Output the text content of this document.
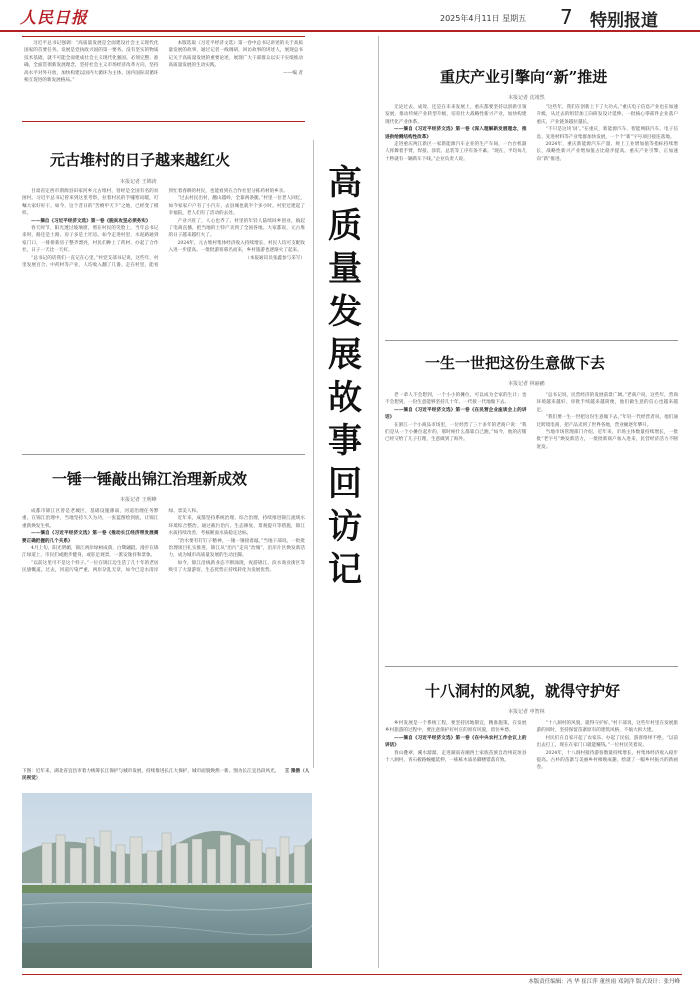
人民日报	2025年4月11日 星期五 7 特别报道
习近平总书记强调：“高质量发展是全面建设社会主义现代化国家的首要任务。发展是党执政兴国的第一要务。没有坚实的物质技术基础，就不可能全面建成社会主义现代化强国。必须完整、准确、全面贯彻新发展理念，坚持社会主义市场经济改革方向，坚持高水平对外开放，加快构建以国内大循环为主体、国内国际双循环相互促进的新发展格局。”
本版选取《习近平经济文选》第一卷中总书记讲述的关于高质量发展的故事，通过记者一线调研，回访故事的讲述人，展现总书记关于高质量发展的重要论述，展现广大干部群众以实干实绩推动高质量发展的生动实践。
——编 者
元古堆村的日子越来越红火
本报记者 王锦涛
甘肃省定西市渭源县田家河乡元古堆村，曾经是全国有名的贫困村。习近平总书记曾来到这里考察，拉着村民的手嘘寒问暖，叮嘱大家好好干。如今，这个昔日的“苦瘠甲天下”之地，已经变了模样。
——摘自《习近平经济文选》第一卷《脱贫攻坚必须务实》
春天时节，阳光透过玻璃窗，照在村民的笑脸上。当年总书记来时，路还是土路，房子多是土坯房。如今走进村里，水泥路通到家门口，一排排新房子整齐漂亮，村民们种上了药材、办起了合作社，日子一天比一天好。
“总书记的话我们一直记在心里。”村党支部书记说，这些年，村里发展百合、中药材等产业，人均收入翻了几番。走在村里，能看到忙着春耕的村民，也能看到在合作社里分拣药材的乡亲。
“过去村民出村，翻山越岭，全靠两条腿。”村里一位老人回忆，如今家家户户有了小汽车，去县城也就半个多小时。村里还建起了幸福院，老人们有了活动的去处。
产业兴旺了，人心也齐了。村里的年轻人陆续回乡创业，搞起了电商直播，把当地的土特产卖到了全国各地。大家都说，元古堆的日子越来越红火了。
2024年，元古堆村集体经济收入持续增长，村民人均可支配收入进一步提高。一批批游客慕名而来，乡村旅游也逐渐火了起来。
（本报通讯员张鑫参与采写）
一锤一锤敲出锦江治理新成效
本报记者 王明峰
成都市锦江区曾是老城区，基础设施薄弱，河道治理任务繁重。在锦江治理中，当地坚持久久为功，一张蓝图绘到底，让锦江重新焕发生机。
——摘自《习近平经济文选》第一卷《推动长江经济带发展需要正确把握的几个关系》
4月上旬，阳光明媚，锦江两岸绿树成荫，白鹭翩跹。漫步在锦江绿道上，市民们或跑步健身，或驻足观景，一派安逸祥和景象。
“以前这里可不是这个样子。”一位在锦江边生活了几十年的老居民感慨道。过去，河道污染严重，两岸杂乱无章，如今已是水清岸绿、景美人和。
近年来，成都坚持系统治理、综合治理，持续推进锦江流域水环境综合整治。通过截污治污、生态修复、景观提升等措施，锦江水质持续改善，考核断面水质稳定达标。
“治水要有钉钉子精神，一锤一锤接着敲。”当地干部说。一批批治理项目扎实推进，锦江从“治污”走向“治城”，沿岸片区焕发新活力，成为城市高质量发展的生动注脚。
如今，锦江沿线新业态不断涌现，夜游锦江、滨水商业街区等吸引了大量游客，生态优势正持续转化为发展优势。
下图：近年来，湖北省宜昌市着力统筹长江保护与城市发展，持续推进长江大保护，城市面貌焕然一新。图为长江宜昌段风光。 王 豫摄（人民视觉）
高
质
量
发
展
故
事
回
访
记
重庆产业引擎向“新”推进
本报记者 沈靖然
无论过去、成效，还是在未来发展上，重庆都要坚持以创新引领发展，推动传统产业转型升级，培育壮大战略性新兴产业，加快构建现代化产业体系。
——摘自《习近平经济文选》第一卷《深入理解新发展理念，推进供给侧结构性改革》
走进重庆两江新区一家新能源汽车企业的生产车间，一台台机器人挥舞着手臂，焊接、涂装、总装等工序有条不紊。“现在，平均每几十秒就有一辆新车下线。”企业负责人说。
“这些年，我们在创新上下了大功夫。”重庆电子信息产业也在加速升级，从过去的组装加工向研发设计延伸。一批核心零部件企业落户重庆，产业链条越拉越长。
“不只是这块‘屏’。”在重庆，新能源汽车、智能网联汽车、电子信息、先进材料等产业集群加快发展，一个个“新”字号项目接连落地。
2024年，重庆新能源汽车产量、规上工业增加值等指标持续增长，战略性新兴产业增加值占比稳步提高。重庆产业引擎，正加速向“新”推进。
一生一世把这份生意做下去
本报记者 林丽鹂
老一辈人不会想到，一个小小的摊位，可以成为全家的生计；也不会想到，一份生意能够坚持几十年，一代接一代地做下去。
——摘自《习近平经济文选》第一卷《在民营企业座谈会上的讲话》
在浙江一个小商品市场里，一位经营了三十多年的老商户说：“我们是从一个小摊位起步的，那时候什么都靠自己跑。”如今，他的店铺已经交给了儿子打理，生意做到了海外。
“总书记说，民营经济的发展前景广阔。”老商户说，这些年，营商环境越来越好，审批手续越来越简便，他们做生意的信心也越来越足。
“我们要一生一世把这份生意做下去。”年轻一代经营者说，他们通过跨境电商，把产品卖到了世界各地，营业额逐年攀升。
当地市场管理部门介绍，近年来，市场主体数量持续增长，一批批“老字号”焕发新活力，一批批新商户加入进来，民营经济活力不断迸发。
十八洞村的风貌，就得守护好
本报记者 申智林
乡村发展是一个系统工程，要坚持因地制宜，精准施策。在发展乡村旅游的过程中，要注意保护好村庄的原有风貌，留住乡愁。
——摘自《习近平经济文选》第一卷《在中央农村工作会议上的讲话》
春山叠翠，溪水潺潺。走进湖南省湘西土家族苗族自治州花垣县十八洞村，青石板路蜿蜒延伸，一栋栋木质吊脚楼错落有致。
“十八洞村的风貌，就得守护好。”村干部说，这些年村里在发展旅游的同时，坚持保留苗寨原有的建筑风格，不搞大拆大建。
村民们在自家开起了农家乐、办起了民宿，游客络绎不绝。“以前出去打工，现在在家门口就能赚钱。”一位村民笑着说。
2024年，十八洞村接待游客数量持续增长，村集体经济收入稳步提高。古朴的苗寨与美丽乡村相映成趣，绘就了一幅乡村振兴的新画卷。
本版责任编辑：冯 华 崔江萍 董丝雨 邓剑洋 版式设计：张丹峰
